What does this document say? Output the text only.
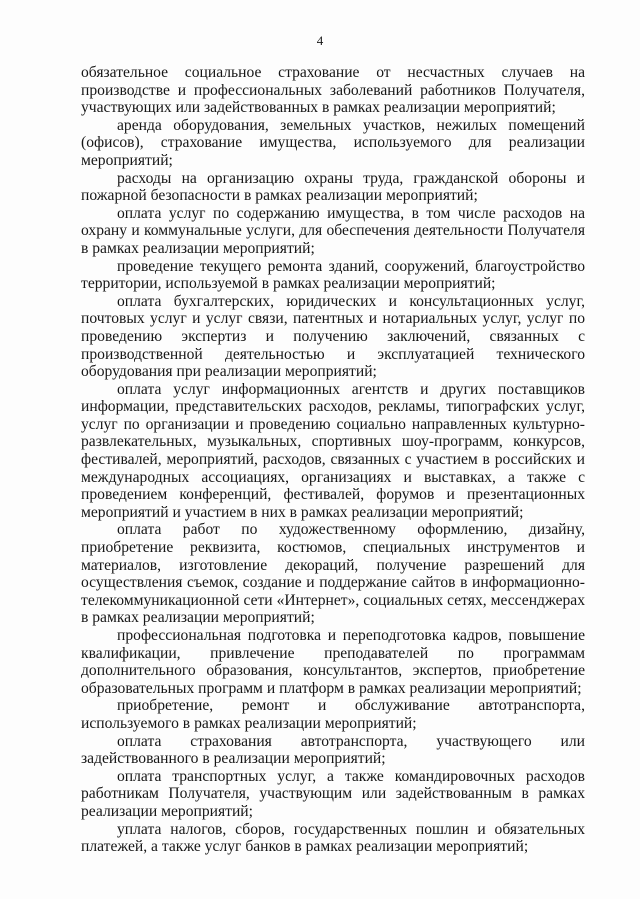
4

обязательное социальное страхование от несчастных случаев на производстве и профессиональных заболеваний работников Получателя, участвующих или задействованных в рамках реализации мероприятий;

аренда оборудования, земельных участков, нежилых помещений (офисов), страхование имущества, используемого для реализации мероприятий;

расходы на организацию охраны труда, гражданской обороны и пожарной безопасности в рамках реализации мероприятий;

оплата услуг по содержанию имущества, в том числе расходов на охрану и коммунальные услуги, для обеспечения деятельности Получателя в рамках реализации мероприятий;

проведение текущего ремонта зданий, сооружений, благоустройство территории, используемой в рамках реализации мероприятий;

оплата бухгалтерских, юридических и консультационных услуг, почтовых услуг и услуг связи, патентных и нотариальных услуг, услуг по проведению экспертиз и получению заключений, связанных с производственной деятельностью и эксплуатацией технического оборудования при реализации мероприятий;

оплата услуг информационных агентств и других поставщиков информации, представительских расходов, рекламы, типографских услуг, услуг по организации и проведению социально направленных культурно-развлекательных, музыкальных, спортивных шоу-программ, конкурсов, фестивалей, мероприятий, расходов, связанных с участием в российских и международных ассоциациях, организациях и выставках, а также с проведением конференций, фестивалей, форумов и презентационных мероприятий и участием в них в рамках реализации мероприятий;

оплата работ по художественному оформлению, дизайну, приобретение реквизита, костюмов, специальных инструментов и материалов, изготовление декораций, получение разрешений для осуществления съемок, создание и поддержание сайтов в информационно-телекоммуникационной сети «Интернет», социальных сетях, мессенджерах в рамках реализации мероприятий;

профессиональная подготовка и переподготовка кадров, повышение квалификации, привлечение преподавателей по программам дополнительного образования, консультантов, экспертов, приобретение образовательных программ и платформ в рамках реализации мероприятий;

приобретение, ремонт и обслуживание автотранспорта, используемого в рамках реализации мероприятий;

оплата страхования автотранспорта, участвующего или задействованного в реализации мероприятий;

оплата транспортных услуг, а также командировочных расходов работникам Получателя, участвующим или задействованным в рамках реализации мероприятий;

уплата налогов, сборов, государственных пошлин и обязательных платежей, а также услуг банков в рамках реализации мероприятий;
